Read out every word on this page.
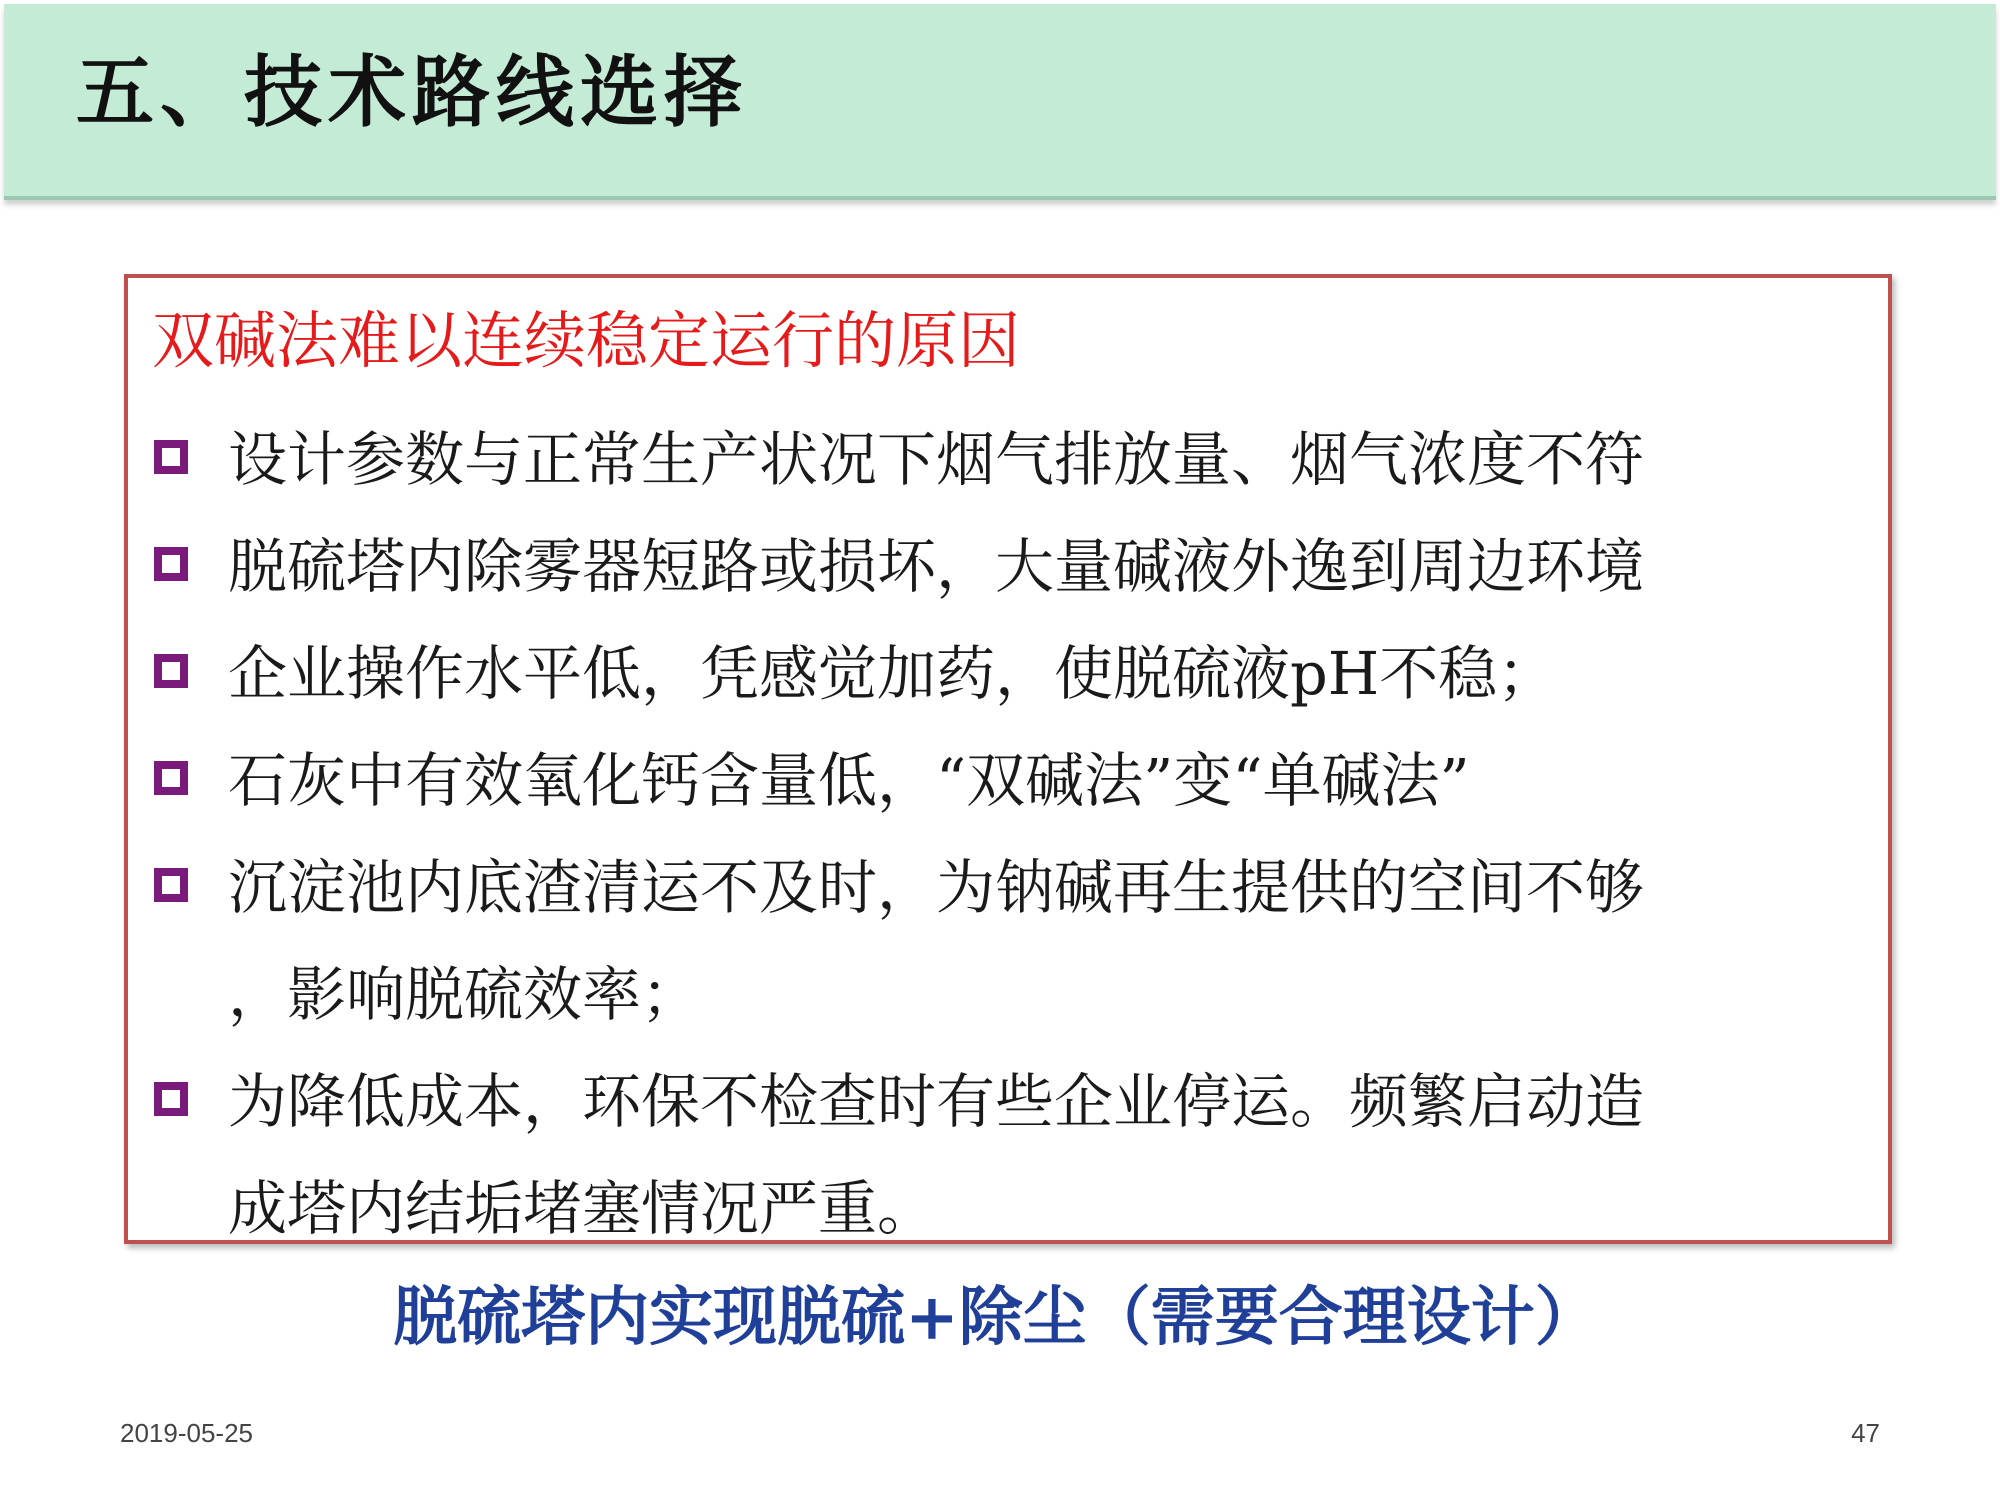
五、技术路线选择
双碱法难以连续稳定运行的原因
设计参数与正常生产状况下烟气排放量、烟气浓度不符
脱硫塔内除雾器短路或损坏，大量碱液外逸到周边环境
企业操作水平低，凭感觉加药，使脱硫液pH不稳；
石灰中有效氧化钙含量低，“双碱法”变“单碱法”
沉淀池内底渣清运不及时，为钠碱再生提供的空间不够
，影响脱硫效率；
为降低成本，环保不检查时有些企业停运。频繁启动造
成塔内结垢堵塞情况严重。
脱硫塔内实现脱硫+除尘（需要合理设计）
2019-05-25	47
